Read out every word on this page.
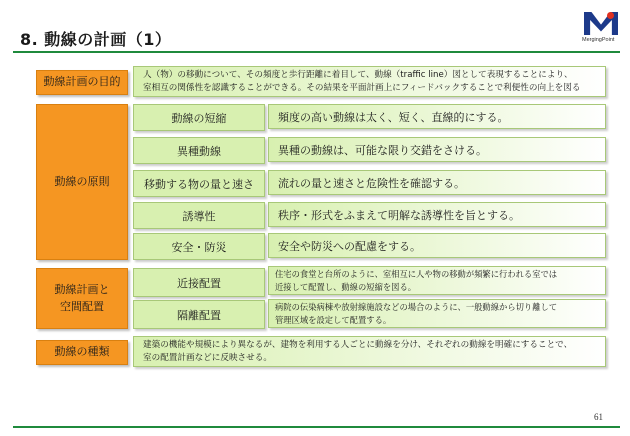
8. 動線の計画（1）	MergingPoint
動線計画の目的
人（物）の移動について、その頻度と歩行距離に着目して、動線（traffic line）図として表現することにより、
室相互の関係性を認識することができる。その結果を平面計画上にフィードバックすることで利便性の向上を図る
動線の原則
動線の短縮	頻度の高い動線は太く、短く、直線的にする。
異種動線	異種の動線は、可能な限り交錯をさける。
移動する物の量と速さ 流れの量と速さと危険性を確認する。
誘導性	秩序・形式をふまえて明解な誘導性を旨とする。
安全・防災	安全や防災への配慮をする。
動線計画と
空間配置
近接配置
住宅の食堂と台所のように、室相互に人や物の移動が頻繁に行われる室では
近接して配置し、動線の短縮を図る。
隔離配置
病院の伝染病棟や放射線施設などの場合のように、一般動線から切り離して
管理区域を設定して配置する。
動線の種類
建築の機能や規模により異なるが、建物を利用する人ごとに動線を分け、それぞれの動線を明確にすることで、
室の配置計画などに反映させる。
61
